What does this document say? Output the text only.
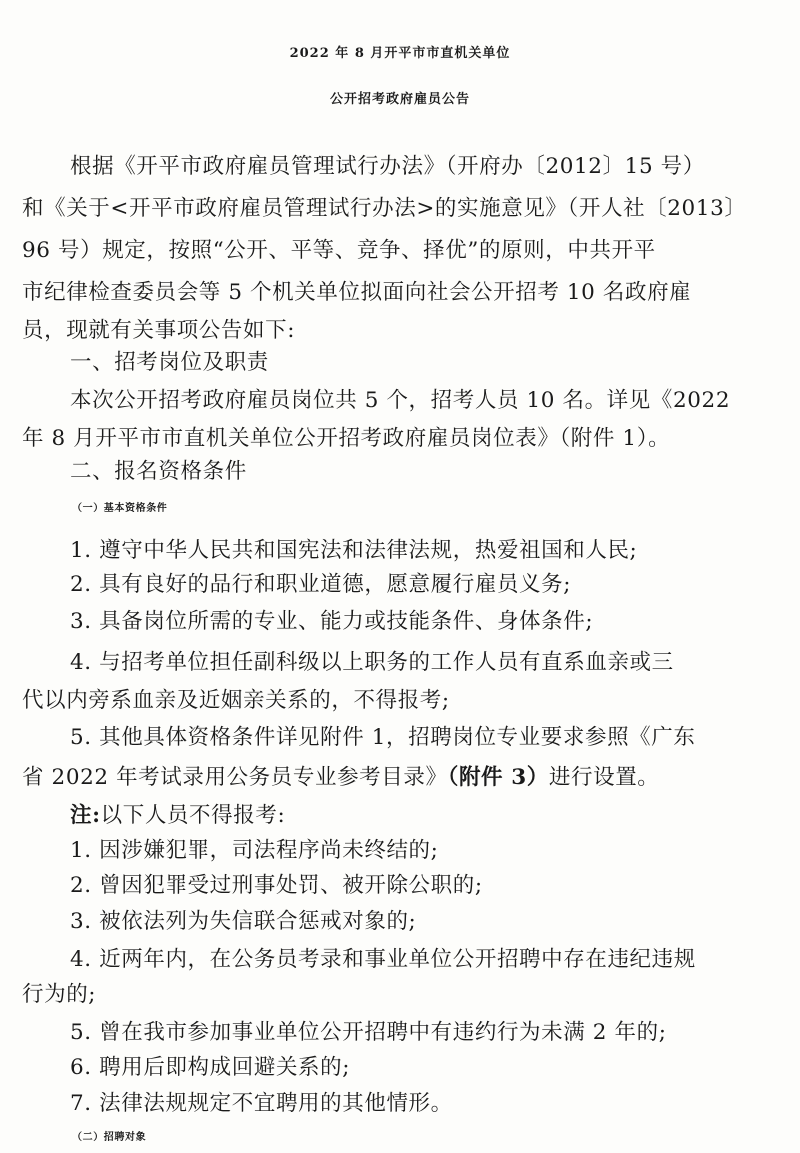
2022 年 8 月开平市市直机关单位
公开招考政府雇员公告
根据《开平市政府雇员管理试行办法》（开府办〔2012〕15 号）
和《关于<开平市政府雇员管理试行办法>的实施意见》（开人社〔2013〕
96 号）规定，按照“公开、平等、竞争、择优”的原则，中共开平
市纪律检查委员会等 5 个机关单位拟面向社会公开招考 10 名政府雇
员，现就有关事项公告如下:
一、招考岗位及职责
本次公开招考政府雇员岗位共 5 个，招考人员 10 名。详见《2022
年 8 月开平市市直机关单位公开招考政府雇员岗位表》（附件 1）。
二、报名资格条件
（一）基本资格条件
1. 遵守中华人民共和国宪法和法律法规，热爱祖国和人民;
2. 具有良好的品行和职业道德，愿意履行雇员义务;
3. 具备岗位所需的专业、能力或技能条件、身体条件;
4. 与招考单位担任副科级以上职务的工作人员有直系血亲或三
代以内旁系血亲及近姻亲关系的，不得报考;
5. 其他具体资格条件详见附件 1，招聘岗位专业要求参照《广东
省 2022 年考试录用公务员专业参考目录》（附件 3）进行设置。
注:以下人员不得报考:
1. 因涉嫌犯罪，司法程序尚未终结的;
2. 曾因犯罪受过刑事处罚、被开除公职的;
3. 被依法列为失信联合惩戒对象的;
4. 近两年内，在公务员考录和事业单位公开招聘中存在违纪违规
行为的;
5. 曾在我市参加事业单位公开招聘中有违约行为未满 2 年的;
6. 聘用后即构成回避关系的;
7. 法律法规规定不宜聘用的其他情形。
（二）招聘对象
